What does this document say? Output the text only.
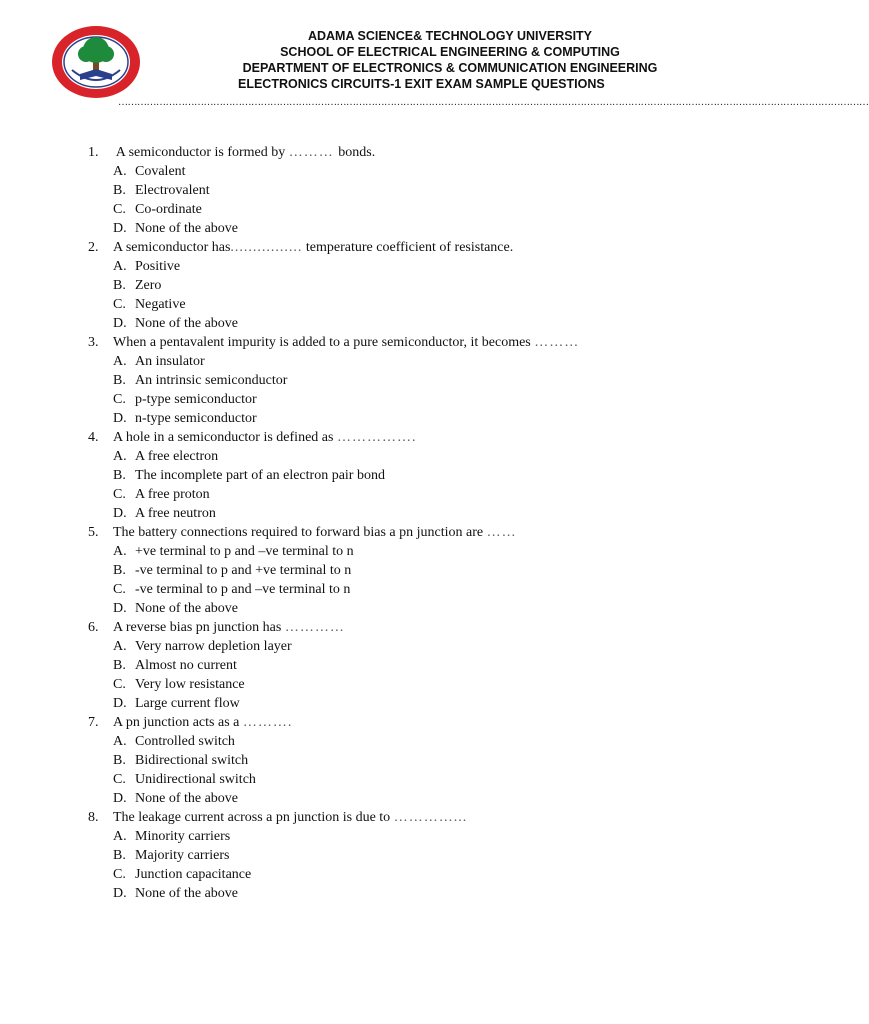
ADAMA SCIENCE& TECHNOLOGY UNIVERSITY
SCHOOL OF ELECTRICAL ENGINEERING & COMPUTING
DEPARTMENT OF ELECTRONICS & COMMUNICATION ENGINEERING
ELECTRONICS CIRCUITS-1 EXIT EXAM SAMPLE QUESTIONS
…………………………………………………………………………………………………………………………………………………………………………………………………………………
1. A semiconductor is formed by ……… bonds.
A. Covalent
B. Electrovalent
C. Co-ordinate
D. None of the above
2. A semiconductor has................ temperature coefficient of resistance.
A. Positive
B. Zero
C. Negative
D. None of the above
3. When a pentavalent impurity is added to a pure semiconductor, it becomes ………
A. An insulator
B. An intrinsic semiconductor
C. p-type semiconductor
D. n-type semiconductor
4. A hole in a semiconductor is defined as …………….
A. A free electron
B. The incomplete part of an electron pair bond
C. A free proton
D. A free neutron
5. The battery connections required to forward bias a pn junction are ……
A. +ve terminal to p and –ve terminal to n
B. -ve terminal to p and +ve terminal to n
C. -ve terminal to p and –ve terminal to n
D. None of the above
6. A reverse bias pn junction has …………
A. Very narrow depletion layer
B. Almost no current
C. Very low resistance
D. Large current flow
7. A pn junction acts as a ……….
A. Controlled switch
B. Bidirectional switch
C. Unidirectional switch
D. None of the above
8. The leakage current across a pn junction is due to …………...
A. Minority carriers
B. Majority carriers
C. Junction capacitance
D. None of the above
